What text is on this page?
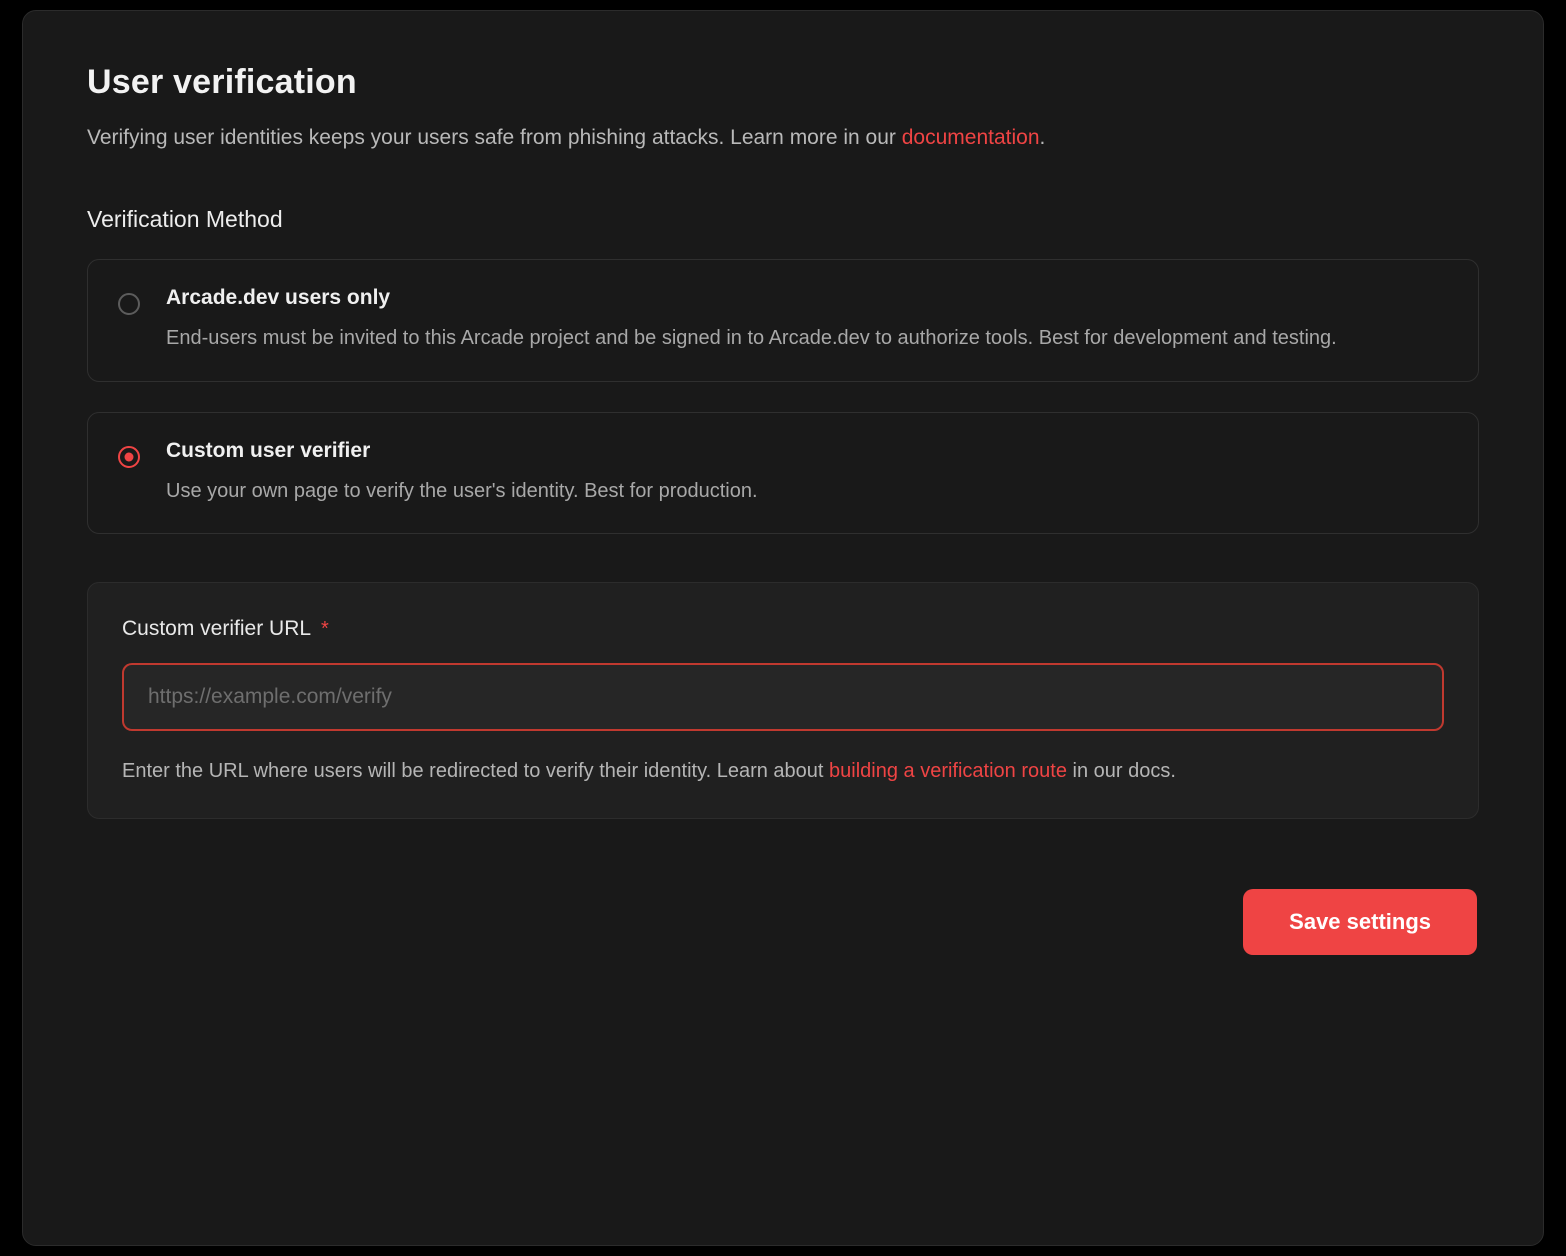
User verification

Verifying user identities keeps your users safe from phishing attacks. Learn more in our documentation.

Verification Method
Arcade.dev users only

End-users must be invited to this Arcade project and be signed in to Arcade.dev to authorize tools. Best for development and testing.

Custom user verifier

Use your own page to verify the user's identity. Best for production.

Custom verifier URL *
https://example.com/verify

Enter the URL where users will be redirected to verify their identity. Learn about building a verification route in our docs.

Save settings
